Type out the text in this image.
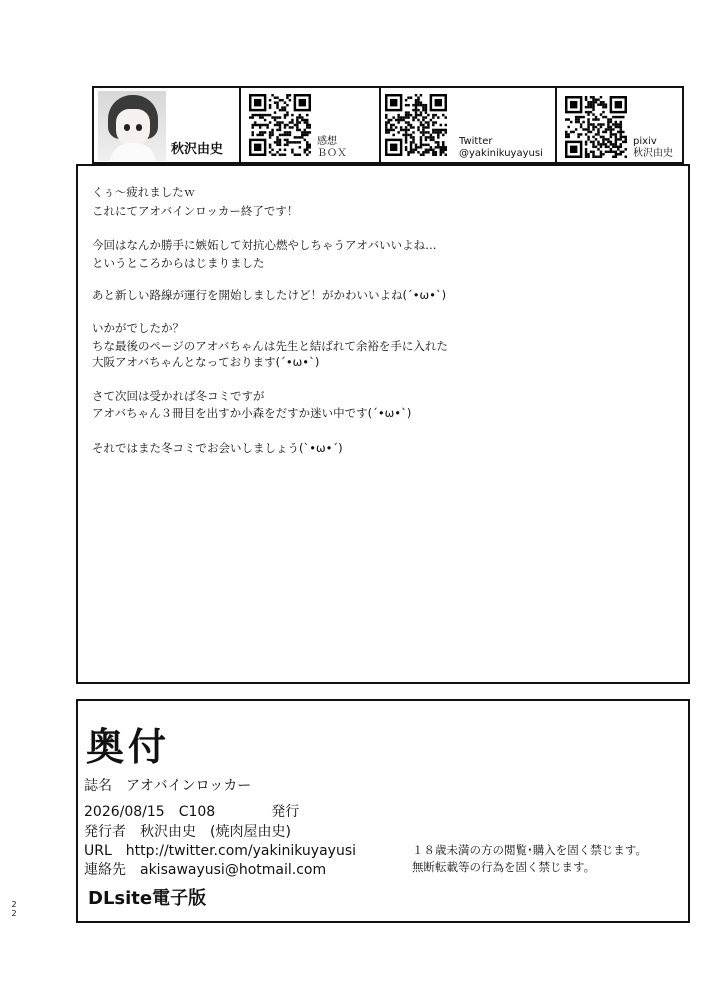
秋沢由史
感想
ＢＯＸ
Twitter
@yakinikuyayusi
pixiv
秋沢由史
くぅ～疲れましたｗ
これにてアオバインロッカー終了です！
今回はなんか勝手に嫉妬して対抗心燃やしちゃうアオバいいよね…
というところからはじまりました
あと新しい路線が運行を開始しましたけど！がかわいいよね(´•ω•`)
いかがでしたか？
ちな最後のページのアオバちゃんは先生と結ばれて余裕を手に入れた
大阪アオバちゃんとなっております(´•ω•`)
さて次回は受かれば冬コミですが
アオバちゃん３冊目を出すか小森をだすか迷い中です(´•ω•`)
それではまた冬コミでお会いしましょう(`•ω•´)
奥付
誌名　アオバインロッカー
2026/08/15　C108　　　　発行
発行者　秋沢由史　(焼肉屋由史)
URL　http://twitter.com/yakinikuyayusi
連絡先　akisawayusi@hotmail.com
１８歳未満の方の閲覧･購入を固く禁じます。
無断転載等の行為を固く禁じます。
DLsite電子版
2
2
